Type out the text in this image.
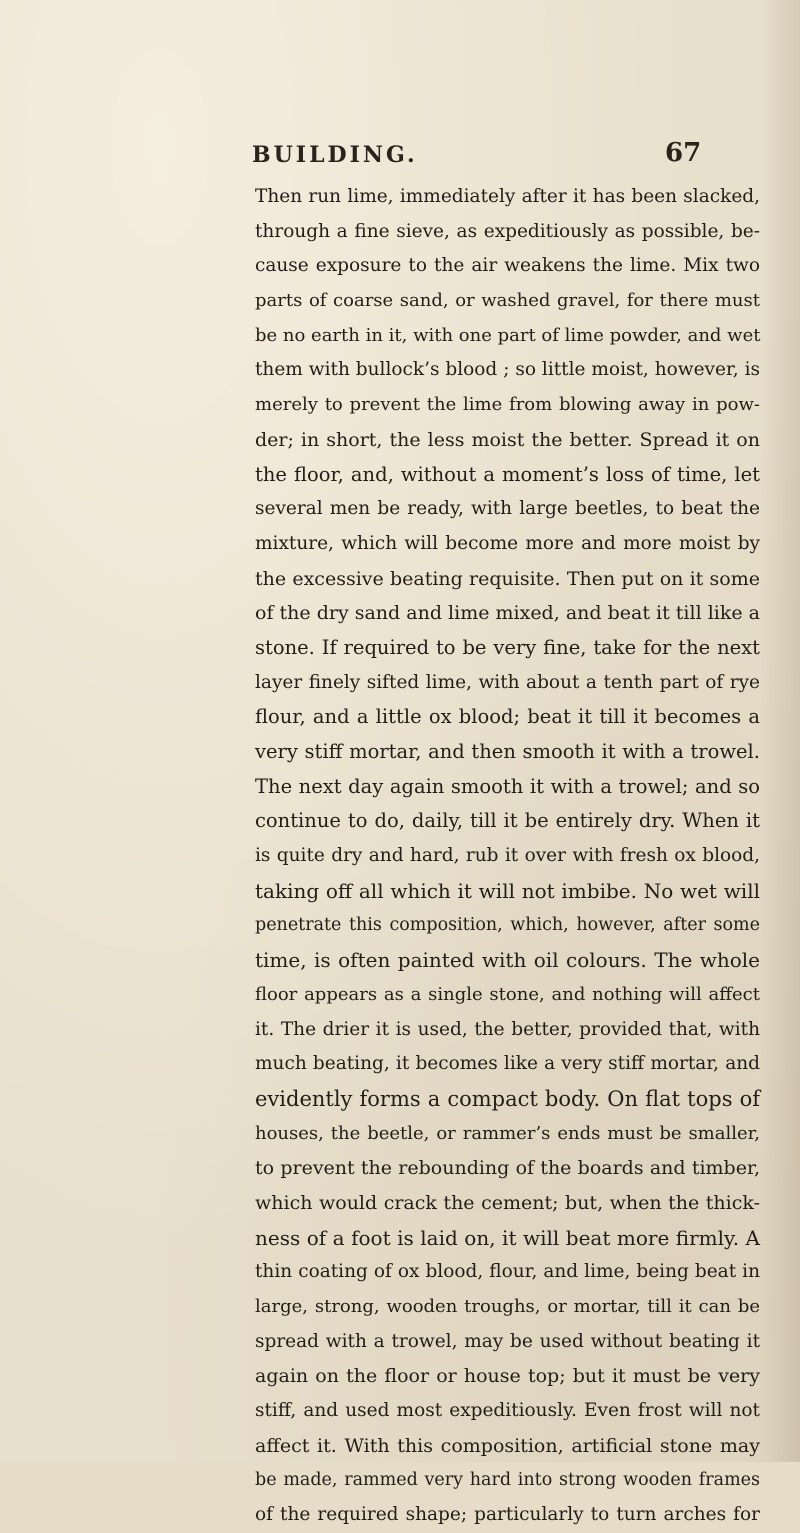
BUILDING.	67
Then run lime, immediately after it has been slacked,
through a fine sieve, as expeditiously as possible, be-
cause exposure to the air weakens the lime. Mix two
parts of coarse sand, or washed gravel, for there must
be no earth in it, with one part of lime powder, and wet
them with bullock’s blood ; so little moist, however, is
merely to prevent the lime from blowing away in pow-
der; in short, the less moist the better. Spread it on
the floor, and, without a moment’s loss of time, let
several men be ready, with large beetles, to beat the
mixture, which will become more and more moist by
the excessive beating requisite. Then put on it some
of the dry sand and lime mixed, and beat it till like a
stone. If required to be very fine, take for the next
layer finely sifted lime, with about a tenth part of rye
flour, and a little ox blood; beat it till it becomes a
very stiff mortar, and then smooth it with a trowel.
The next day again smooth it with a trowel; and so
continue to do, daily, till it be entirely dry. When it
is quite dry and hard, rub it over with fresh ox blood,
taking off all which it will not imbibe. No wet will
penetrate this composition, which, however, after some
time, is often painted with oil colours. The whole
floor appears as a single stone, and nothing will affect
it. The drier it is used, the better, provided that, with
much beating, it becomes like a very stiff mortar, and
evidently forms a compact body. On flat tops of
houses, the beetle, or rammer’s ends must be smaller,
to prevent the rebounding of the boards and timber,
which would crack the cement; but, when the thick-
ness of a foot is laid on, it will beat more firmly. A
thin coating of ox blood, flour, and lime, being beat in
large, strong, wooden troughs, or mortar, till it can be
spread with a trowel, may be used without beating it
again on the floor or house top; but it must be very
stiff, and used most expeditiously. Even frost will not
affect it. With this composition, artificial stone may
be made, rammed very hard into strong wooden frames
of the required shape; particularly to turn arches for
